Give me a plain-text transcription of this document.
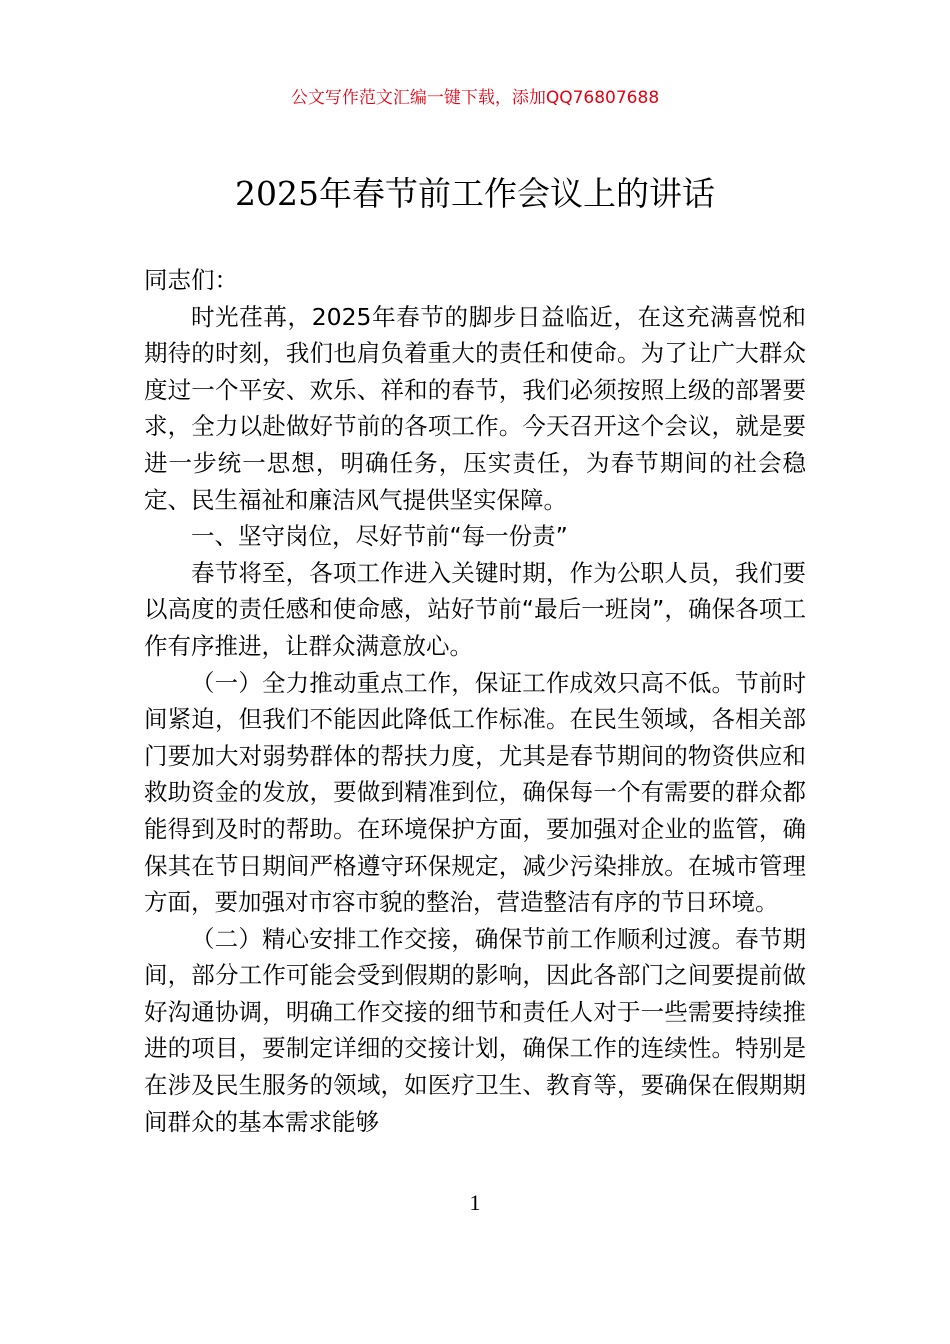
公文写作范文汇编一键下载，添加QQ76807688
2025年春节前工作会议上的讲话

同志们：

时光荏苒，2025年春节的脚步日益临近，在这充满喜悦和期待的时刻，我们也肩负着重大的责任和使命。为了让广大群众度过一个平安、欢乐、祥和的春节，我们必须按照上级的部署要求，全力以赴做好节前的各项工作。今天召开这个会议，就是要进一步统一思想，明确任务，压实责任，为春节期间的社会稳定、民生福祉和廉洁风气提供坚实保障。

一、坚守岗位，尽好节前“每一份责”

春节将至，各项工作进入关键时期，作为公职人员，我们要以高度的责任感和使命感，站好节前“最后一班岗”，确保各项工作有序推进，让群众满意放心。

（一）全力推动重点工作，保证工作成效只高不低。节前时间紧迫，但我们不能因此降低工作标准。在民生领域，各相关部门要加大对弱势群体的帮扶力度，尤其是春节期间的物资供应和救助资金的发放，要做到精准到位，确保每一个有需要的群众都能得到及时的帮助。在环境保护方面，要加强对企业的监管，确保其在节日期间严格遵守环保规定，减少污染排放。在城市管理方面，要加强对市容市貌的整治，营造整洁有序的节日环境。

（二）精心安排工作交接，确保节前工作顺利过渡。春节期间，部分工作可能会受到假期的影响，因此各部门之间要提前做好沟通协调，明确工作交接的细节和责任人对于一些需要持续推进的项目，要制定详细的交接计划，确保工作的连续性。特别是在涉及民生服务的领域，如医疗卫生、教育等，要确保在假期期间群众的基本需求能够

1
